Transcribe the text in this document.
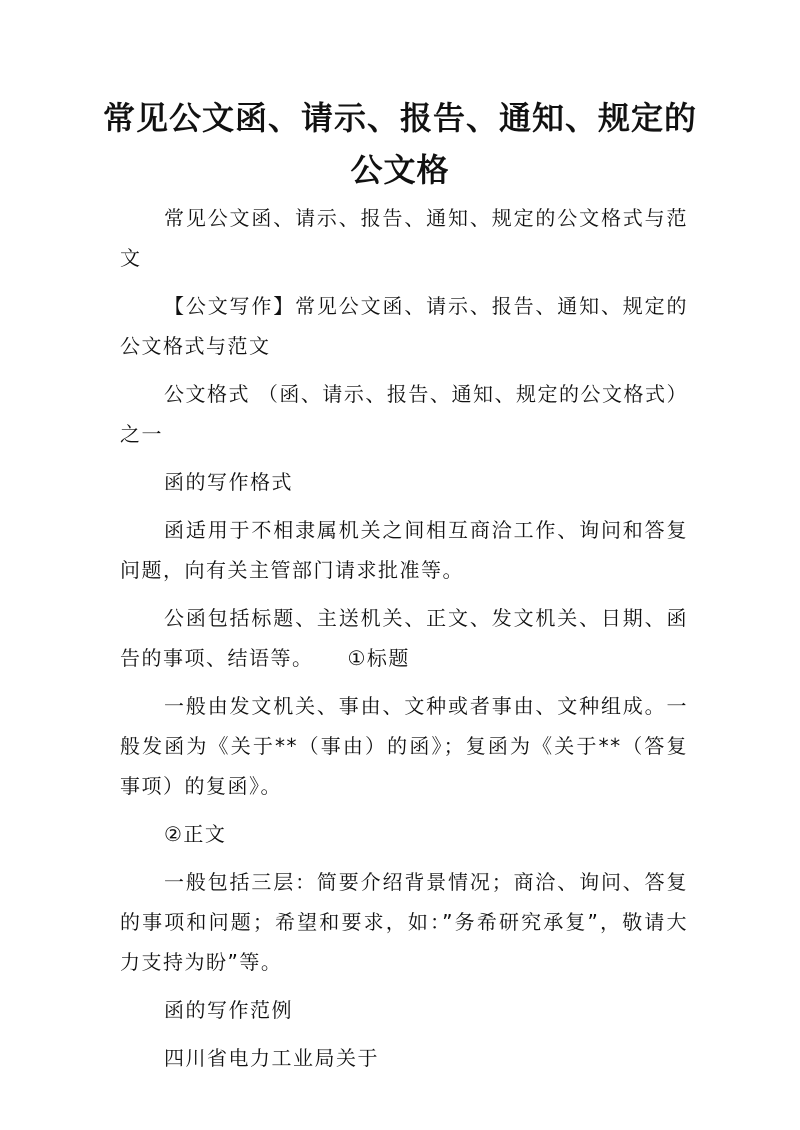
常见公文函、请示、报告、通知、规定的公文格

常见公文函、请示、报告、通知、规定的公文格式与范文

【公文写作】常见公文函、请示、报告、通知、规定的公文格式与范文

公文格式 （函、请示、报告、通知、规定的公文格式）之一

函的写作格式

函适用于不相隶属机关之间相互商洽工作、询问和答复问题，向有关主管部门请求批准等。

公函包括标题、主送机关、正文、发文机关、日期、函告的事项、结语等。 ①标题

一般由发文机关、事由、文种或者事由、文种组成。一般发函为《关于**（事由）的函》；复函为《关于**（答复事项）的复函》。

②正文

一般包括三层：简要介绍背景情况；商洽、询问、答复的事项和问题；希望和要求，如：”务希研究承复”，敬请大力支持为盼”等。

函的写作范例

四川省电力工业局关于
